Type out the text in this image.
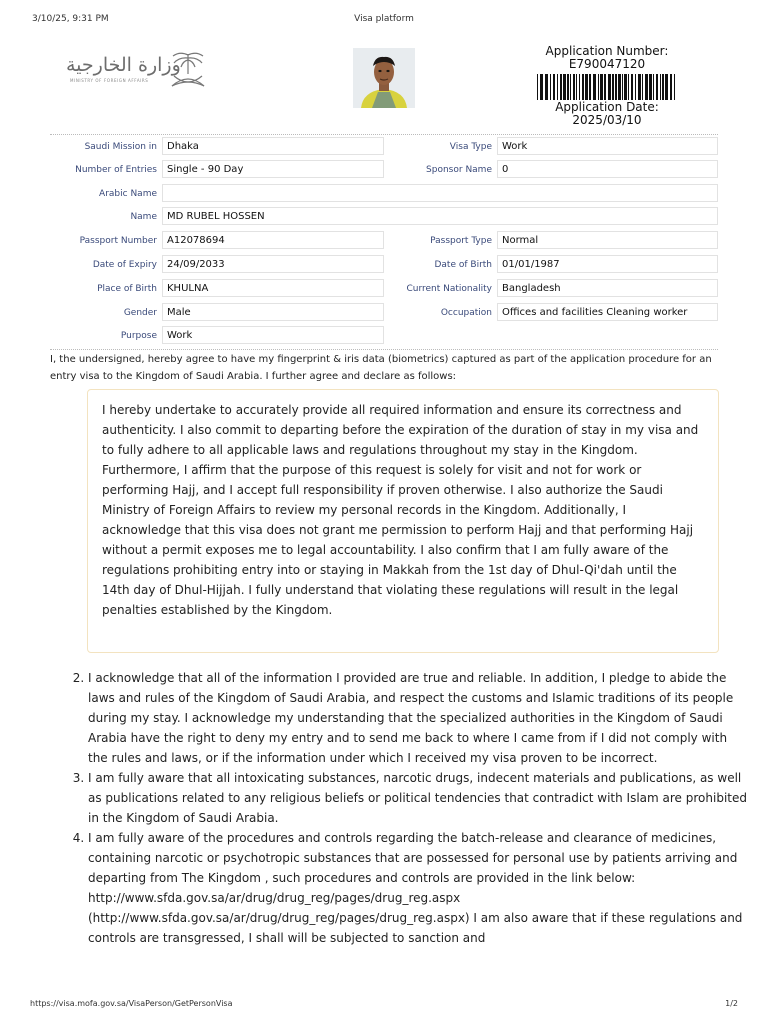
3/10/25, 9:31 PM	Visa platform
https://visa.mofa.gov.sa/VisaPerson/GetPersonVisa	1/2
وزارة الخارجية
MINISTRY OF FOREIGN AFFAIRS
Application Number:
E790047120
Application Date:
2025/03/10
Saudi Mission in	Dhaka	Visa Type	Work
Number of Entries	Single - 90 Day	Sponsor Name	0
Arabic Name
Name	MD RUBEL HOSSEN
Passport Number	A12078694	Passport Type	Normal
Date of Expiry	24/09/2033	Date of Birth	01/01/1987
Place of Birth	KHULNA	Current Nationality	Bangladesh
Gender	Male	Occupation	Offices and facilities Cleaning worker
Purpose	Work
I, the undersigned, hereby agree to have my fingerprint & iris data (biometrics) captured as part of the application procedure for an entry visa to the Kingdom of Saudi Arabia. I further agree and declare as follows:
I hereby undertake to accurately provide all required information and ensure its correctness and authenticity. I also commit to departing before the expiration of the duration of stay in my visa and to fully adhere to all applicable laws and regulations throughout my stay in the Kingdom. Furthermore, I affirm that the purpose of this request is solely for visit and not for work or performing Hajj, and I accept full responsibility if proven otherwise. I also authorize the Saudi Ministry of Foreign Affairs to review my personal records in the Kingdom. Additionally, I acknowledge that this visa does not grant me permission to perform Hajj and that performing Hajj without a permit exposes me to legal accountability. I also confirm that I am fully aware of the regulations prohibiting entry into or staying in Makkah from the 1st day of Dhul-Qi'dah until the 14th day of Dhul-Hijjah. I fully understand that violating these regulations will result in the legal penalties established by the Kingdom.
2. I acknowledge that all of the information I provided are true and reliable. In addition, I pledge to abide the laws and rules of the Kingdom of Saudi Arabia, and respect the customs and Islamic traditions of its people during my stay. I acknowledge my understanding that the specialized authorities in the Kingdom of Saudi Arabia have the right to deny my entry and to send me back to where I came from if I did not comply with the rules and laws, or if the information under which I received my visa proven to be incorrect.
3. I am fully aware that all intoxicating substances, narcotic drugs, indecent materials and publications, as well as publications related to any religious beliefs or political tendencies that contradict with Islam are prohibited in the Kingdom of Saudi Arabia.
4. I am fully aware of the procedures and controls regarding the batch-release and clearance of medicines, containing narcotic or psychotropic substances that are possessed for personal use by patients arriving and departing from The Kingdom , such procedures and controls are provided in the link below: http://www.sfda.gov.sa/ar/drug/drug_reg/pages/drug_reg.aspx (http://www.sfda.gov.sa/ar/drug/drug_reg/pages/drug_reg.aspx) I am also aware that if these regulations and controls are transgressed, I shall will be subjected to sanction and
